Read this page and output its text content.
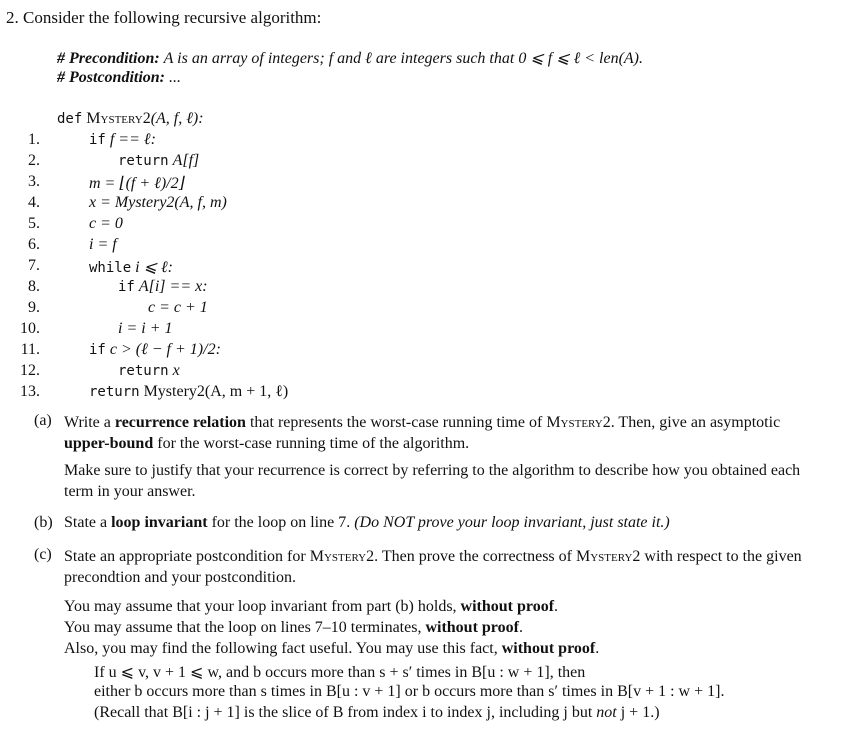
2. Consider the following recursive algorithm:
# Precondition: A is an array of integers; f and ℓ are integers such that 0 ⩽ f ⩽ ℓ < len(A).
# Postcondition: ...
def Mystery2(A, f, ℓ):
1.	if f == ℓ:
2.	return A[f]
3.	m = ⌊(f + ℓ)/2⌋
4.	x = Mystery2(A, f, m)
5.	c = 0
6.	i = f
7.	while i ⩽ ℓ:
8.	if A[i] == x:
9.	c = c + 1
10.	i = i + 1
11.	if c > (ℓ − f + 1)/2:
12.	return x
13.	return Mystery2(A, m + 1, ℓ)
(a) Write a recurrence relation that represents the worst-case running time of Mystery2. Then, give an asymptotic upper-bound for the worst-case running time of the algorithm.
Make sure to justify that your recurrence is correct by referring to the algorithm to describe how you obtained each term in your answer.
(b) State a loop invariant for the loop on line 7. (Do NOT prove your loop invariant, just state it.)
(c) State an appropriate postcondition for Mystery2. Then prove the correctness of Mystery2 with respect to the given precondtion and your postcondition.
You may assume that your loop invariant from part (b) holds, without proof.
You may assume that the loop on lines 7–10 terminates, without proof.
Also, you may find the following fact useful. You may use this fact, without proof.
If u ⩽ v, v + 1 ⩽ w, and b occurs more than s + s′ times in B[u : w + 1], then
either b occurs more than s times in B[u : v + 1] or b occurs more than s′ times in B[v + 1 : w + 1].
(Recall that B[i : j + 1] is the slice of B from index i to index j, including j but not j + 1.)
